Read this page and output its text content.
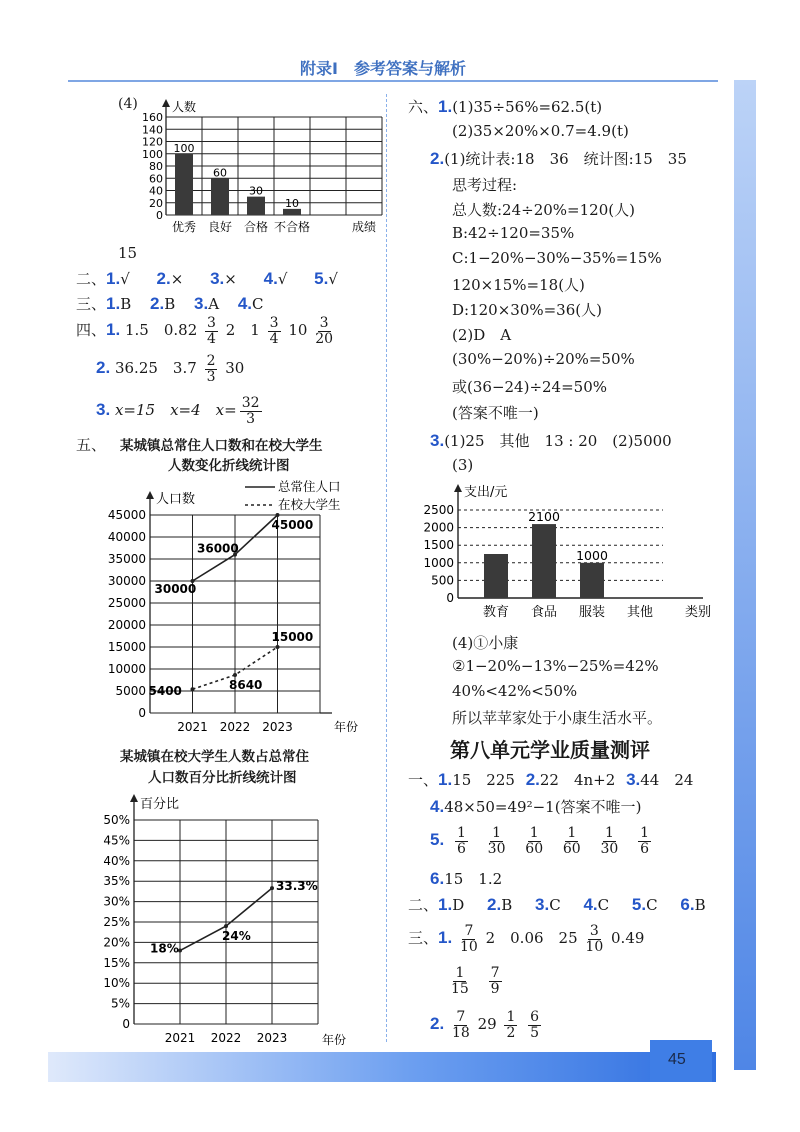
45
附录Ⅰ　参考答案与解析
(4)
160
140
120
100
80
60
40
20
0
人数
100
60
30
10
优秀 良好 合格 不合格	成绩
15
二、1.√ 2.× 3.× 4.√ 5.√
三、1.B 2.B 3.A 4.C
四、1. 1.5　$0.82 \frac{3}{4} 2$　$1 \frac{3}{4} 10 \frac{3}{20}$
2. 36.25　$3.7 \frac{2}{3} 30$
3. x=15　x=4　$x= \frac{32}{3}$
五、 某城镇总常住人口数和在校大学生
人数变化折线统计图
45000
40000
35000
30000
25000
20000
15000
10000
5000
0
人口数
总常住人口
在校大学生
2021 2022 2023	年份
30000
36000
45000
5400	8640
15000
某城镇在校大学生人数占总常住
人口数百分比折线统计图
50%
45%
40%
35%
30%
25%
20%
15%
10%
5%
0
百分比
2021 2022 2023	年份
18%
24%
33.3%
六、1.(1)35÷56%=62.5(t)
(2)35×20%×0.7=4.9(t)
2.(1)统计表:18　36　统计图:15　35
思考过程:
总人数:24÷20%=120(人)
B:42÷120=35%
C:1−20%−30%−35%=15%
120×15%=18(人)
D:120×30%=36(人)
(2)D　A
(30%−20%)÷20%=50%
或(36−24)÷24=50%
(答案不唯一)
3.(1)25　其他　13 : 20　(2)5000
(3)
2500
2000
1500
1000
500
0
支出/元
教育
2100
食品
1000
服装 其他 类别
(4)①小康
②1−20%−13%−25%=42%
40%<42%<50%
所以苹苹家处于小康生活水平。
第八单元学业质量测评
一、1.15　225 2.22　4n+2 3.44　24
4.48×50=49²−1(答案不唯一)
5. $\frac{1}{6}$
$\frac{1}{30}$
$\frac{1}{60}$
$\frac{1}{60}$
$\frac{1}{30}$
$\frac{1}{6}$
6.15　1.2
二、1.D 2.B 3.C 4.C 5.C 6.B
三、1. $\frac{7}{10} 2$　0.06　$25 \frac{3}{10} 0.49$
$\frac{1}{15}$
$\frac{7}{9}$
2. $\frac{7}{18} 29 \frac{1}{2}$
$\frac{6}{5}$
